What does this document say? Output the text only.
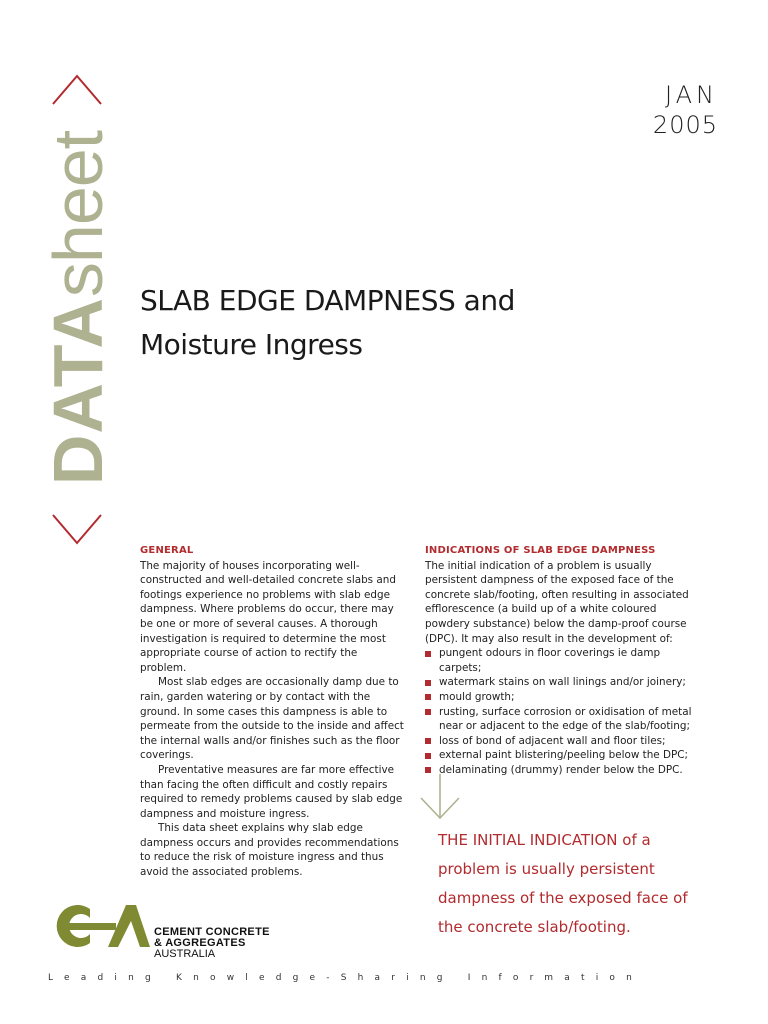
DATAsheet
JAN
2005
SLAB EDGE DAMPNESS and
Moisture Ingress
GENERAL

The majority of houses incorporating well-constructed and well-detailed concrete slabs and footings experience no problems with slab edge dampness. Where problems do occur, there may be one or more of several causes. A thorough investigation is required to determine the most appropriate course of action to rectify the problem.

Most slab edges are occasionally damp due to rain, garden watering or by contact with the ground. In some cases this dampness is able to permeate from the outside to the inside and affect the internal walls and/or finishes such as the floor coverings.

Preventative measures are far more effective than facing the often difficult and costly repairs required to remedy problems caused by slab edge dampness and moisture ingress.

This data sheet explains why slab edge dampness occurs and provides recommendations to reduce the risk of moisture ingress and thus avoid the associated problems.

INDICATIONS OF SLAB EDGE DAMPNESS

The initial indication of a problem is usually persistent dampness of the exposed face of the concrete slab/footing, often resulting in associated efflorescence (a build up of a white coloured powdery substance) below the damp-proof course (DPC). It may also result in the development of:

pungent odours in floor coverings ie damp carpets;
watermark stains on wall linings and/or joinery;
mould growth;
rusting, surface corrosion or oxidisation of metal near or adjacent to the edge of the slab/footing;
loss of bond of adjacent wall and floor tiles;
external paint blistering/peeling below the DPC;
delaminating (drummy) render below the DPC.
THE INITIAL INDICATION of a problem is usually persistent dampness of the exposed face of the concrete slab/footing.
CEMENT CONCRETE
& AGGREGATES
AUSTRALIA
Leading Knowledge-Sharing Information
